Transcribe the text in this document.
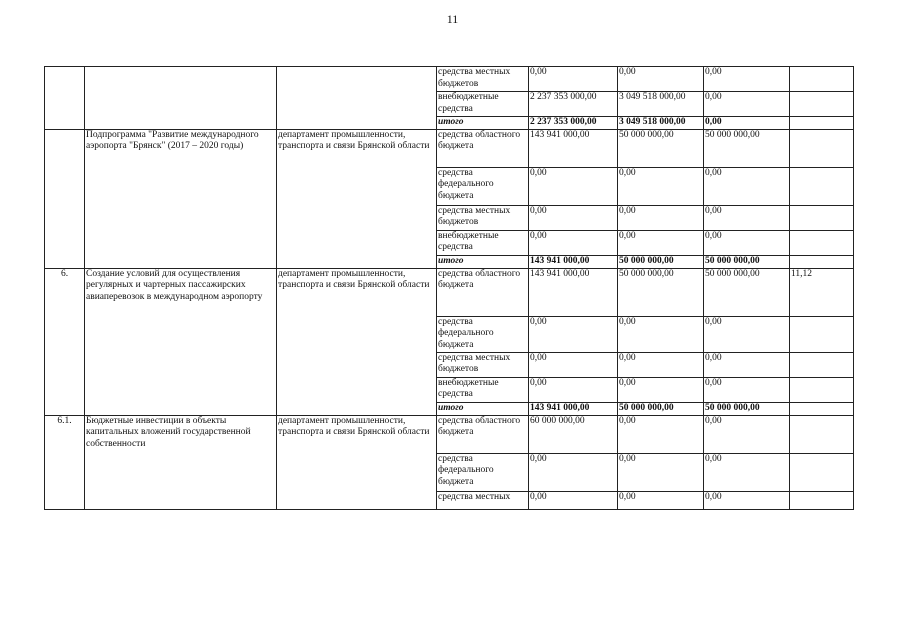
11
			средства местных бюджетов	0,00	0,00	0,00	
			внебюджетные средства	2 237 353 000,00	3 049 518 000,00	0,00	
			итого	2 237 353 000,00	3 049 518 000,00	0,00	
	Подпрограмма "Развитие международного аэропорта "Брянск" (2017 – 2020 годы)	департамент промышленности, транспорта и связи Брянской области	средства областного бюджета	143 941 000,00	50 000 000,00	50 000 000,00	
			средства федерального бюджета	0,00	0,00	0,00	
			средства местных бюджетов	0,00	0,00	0,00	
			внебюджетные средства	0,00	0,00	0,00	
			итого	143 941 000,00	50 000 000,00	50 000 000,00	
6.	Создание условий для осуществления регулярных и чартерных пассажирских авиаперевозок в международном аэропорту	департамент промышленности, транспорта и связи Брянской области	средства областного бюджета	143 941 000,00	50 000 000,00	50 000 000,00	11,12
			средства федерального бюджета	0,00	0,00	0,00	
			средства местных бюджетов	0,00	0,00	0,00	
			внебюджетные средства	0,00	0,00	0,00	
			итого	143 941 000,00	50 000 000,00	50 000 000,00	
6.1.	Бюджетные инвестиции в объекты капитальных вложений государственной собственности	департамент промышленности, транспорта и связи Брянской области	средства областного бюджета	60 000 000,00	0,00	0,00	
			средства федерального бюджета	0,00	0,00	0,00	
			средства местных	0,00	0,00	0,00	
